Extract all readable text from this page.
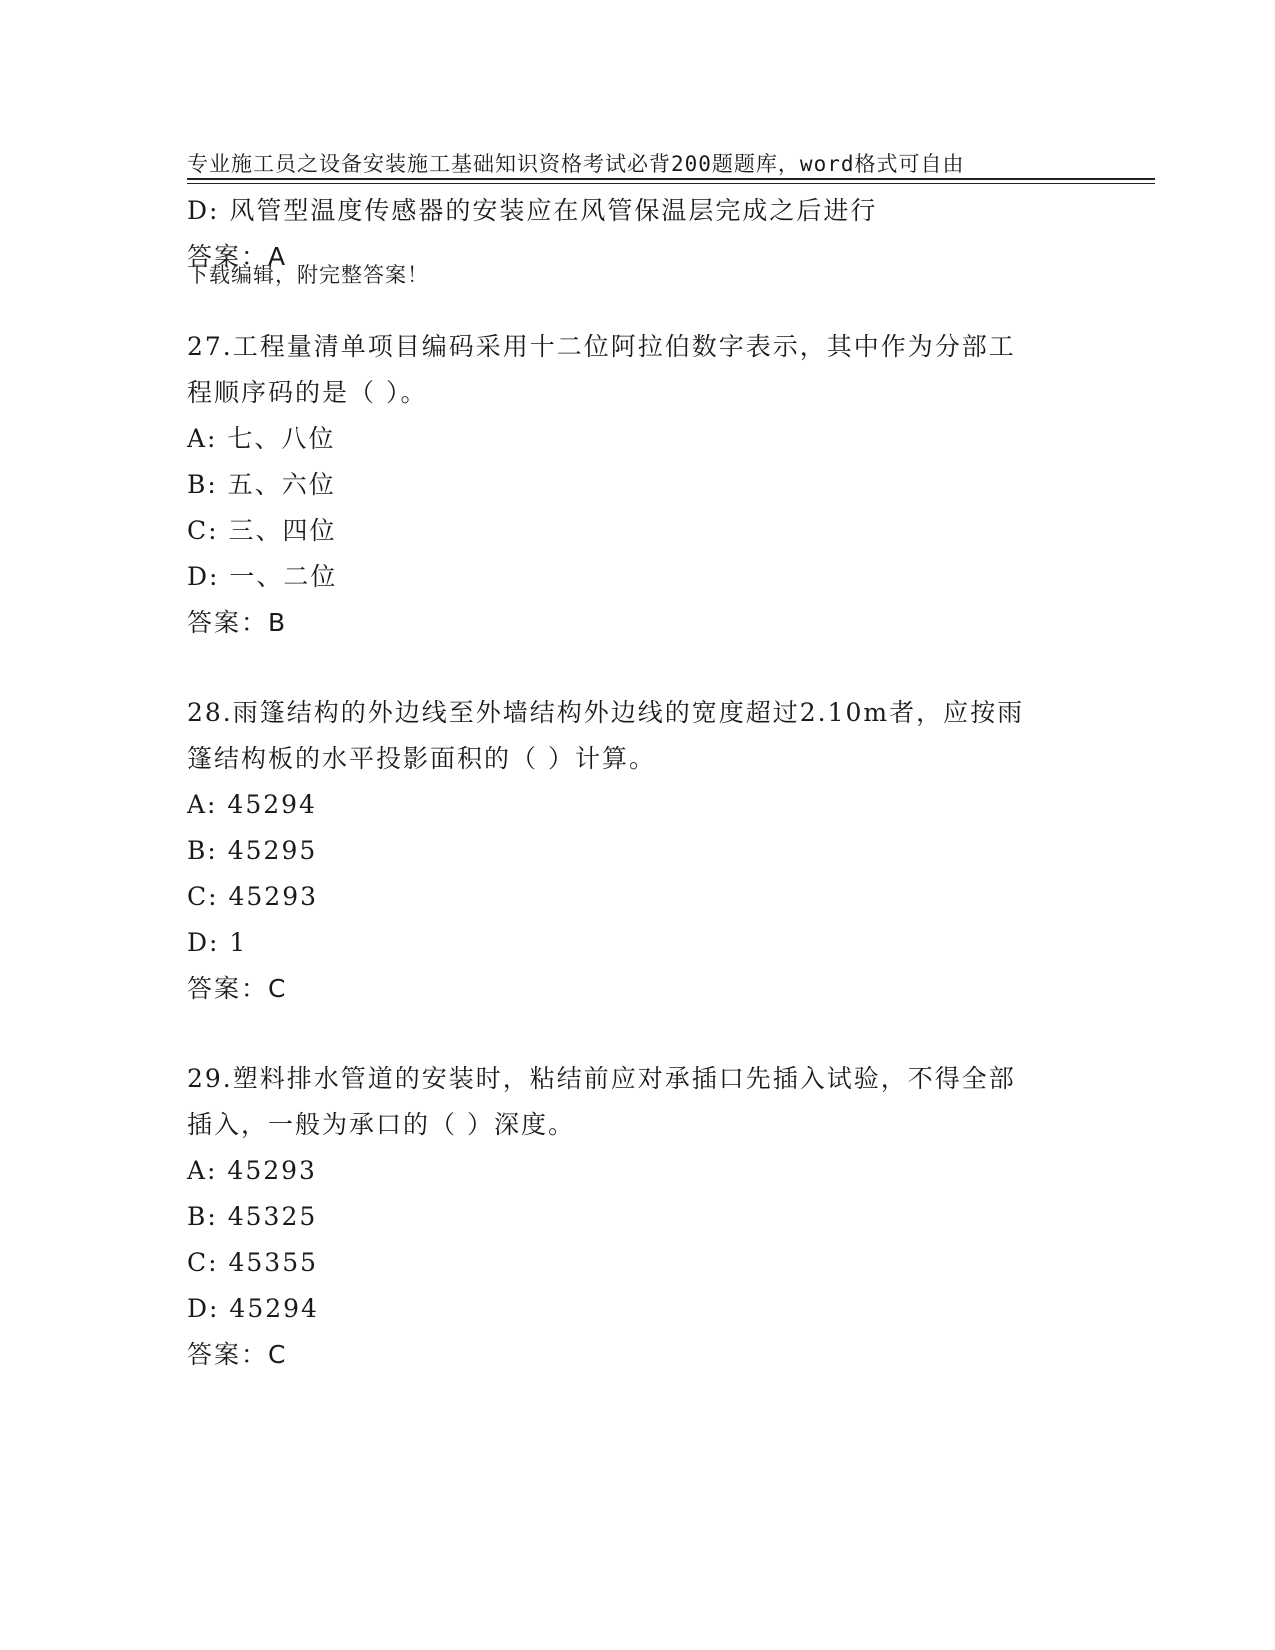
专业施工员之设备安装施工基础知识资格考试必背200题题库，word格式可自由

下载编辑，附完整答案！

D: 风管型温度传感器的安装应在风管保温层完成之后进行
答案：A
27.工程量清单项目编码采用十二位阿拉伯数字表示，其中作为分部工
程顺序码的是（ ）。
A: 七、八位
B: 五、六位
C: 三、四位
D: 一、二位
答案：B
28.雨篷结构的外边线至外墙结构外边线的宽度超过2.10m者，应按雨
篷结构板的水平投影面积的（ ）计算。
A: 45294
B: 45295
C: 45293
D: 1
答案：C
29.塑料排水管道的安装时，粘结前应对承插口先插入试验，不得全部
插入，一般为承口的（ ）深度。
A: 45293
B: 45325
C: 45355
D: 45294
答案：C
